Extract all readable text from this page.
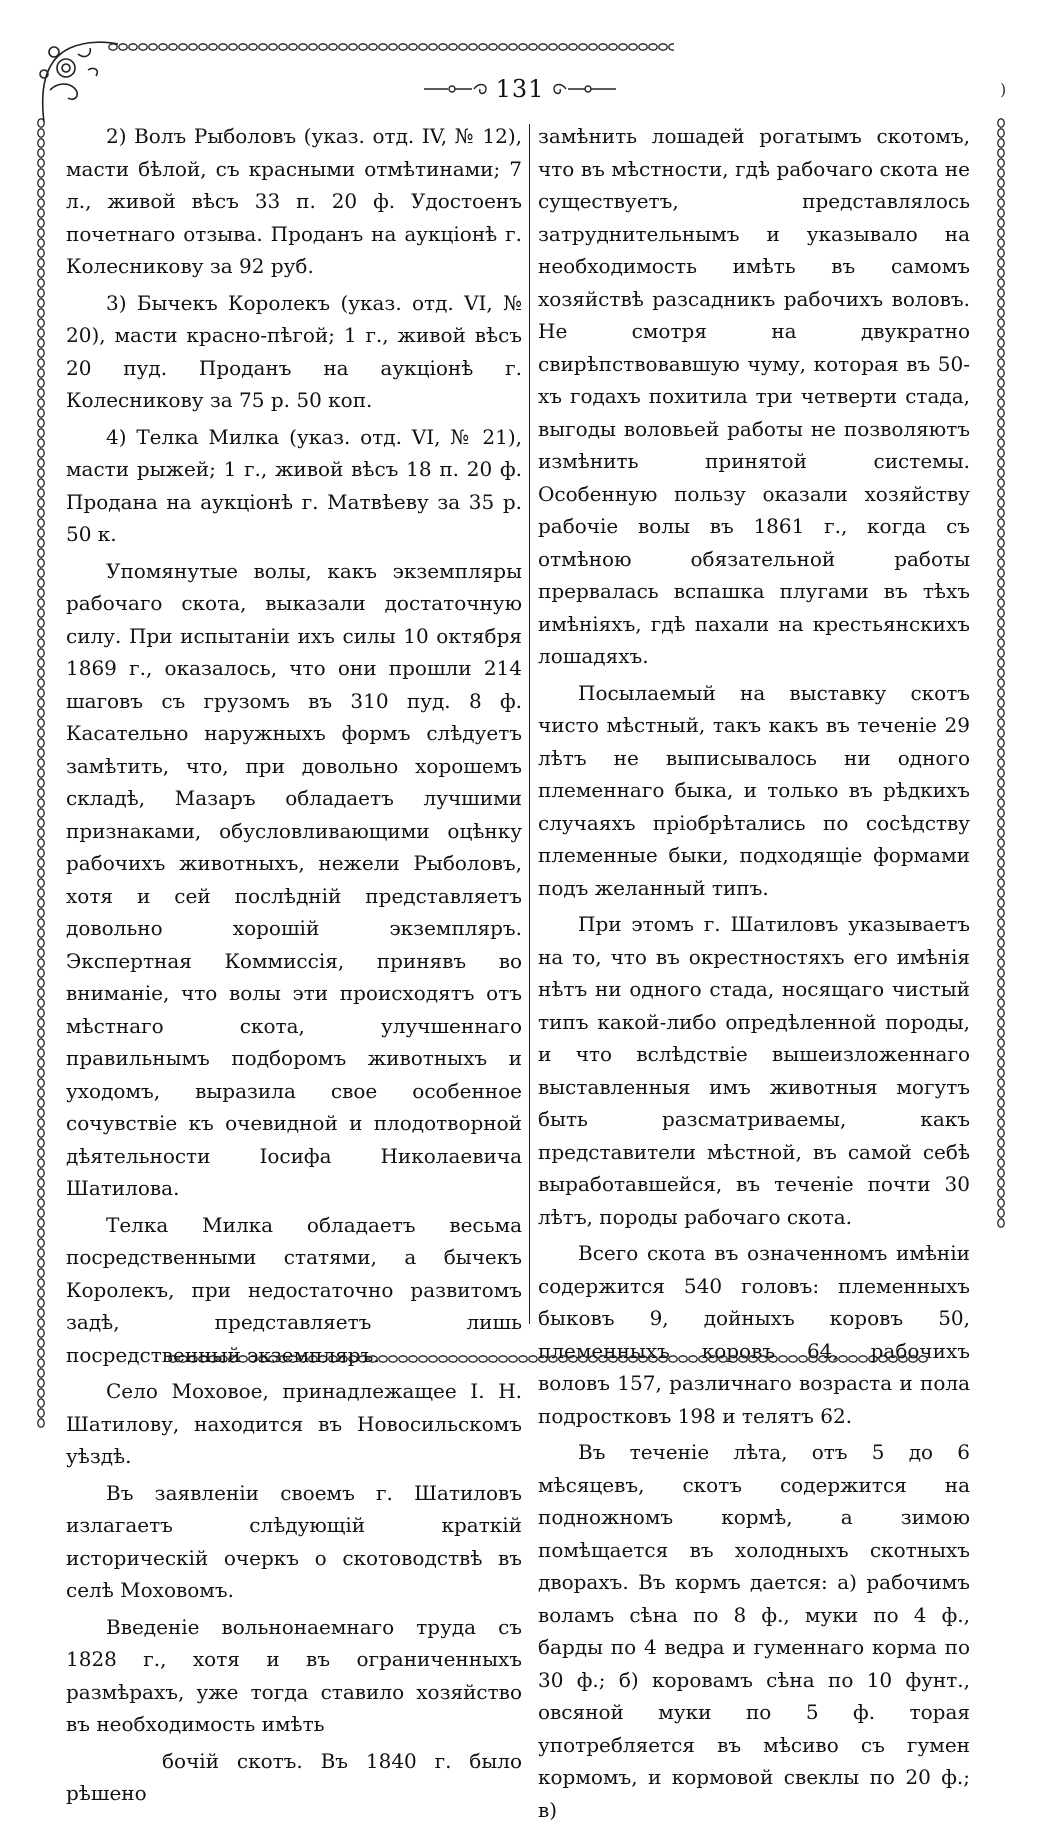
)
131

2) Волъ Рыболовъ (указ. отд. IV, № 12), масти бѣлой, съ красными отмѣтинами; 7 л., живой вѣсъ 33 п. 20 ф. Удостоенъ почетнаго отзыва. Проданъ на аукціонѣ г. Колесникову за 92 руб.

3) Бычекъ Королекъ (указ. отд. VI, № 20), масти красно-пѣгой; 1 г., живой вѣсъ 20 пуд. Проданъ на аукціонѣ г. Колесникову за 75 р. 50 коп.

4) Телка Милка (указ. отд. VI, № 21), масти рыжей; 1 г., живой вѣсъ 18 п. 20 ф. Продана на аукціонѣ г. Матвѣеву за 35 р. 50 к.

Упомянутые волы, какъ экземпляры рабочаго скота, выказали достаточную силу. При испытаніи ихъ силы 10 октября 1869 г., оказалось, что они прошли 214 шаговъ съ грузомъ въ 310 пуд. 8 ф. Касательно наружныхъ формъ слѣдуетъ замѣтить, что, при довольно хорошемъ складѣ, Мазаръ обладаетъ лучшими признаками, обусловливающими оцѣнку рабочихъ животныхъ, нежели Рыболовъ, хотя и сей послѣдній представляетъ довольно хорошій экземпляръ. Экспертная Коммиссія, принявъ во вниманіе, что волы эти происходятъ отъ мѣстнаго скота, улучшеннаго правильнымъ подборомъ животныхъ и уходомъ, выразила свое особенное сочувствіе къ очевидной и плодотворной дѣятельности Іосифа Николаевича Шатилова.

Телка Милка обладаетъ весьма посредственными статями, а бычекъ Королекъ, при недостаточно развитомъ задѣ, представляетъ лишь посредственный экземпляръ.

Село Моховое, принадлежащее І. Н. Шатилову, находится въ Новосильскомъ уѣздѣ.

Въ заявленіи своемъ г. Шатиловъ излагаетъ слѣдующій краткій историческій очеркъ о скотоводствѣ въ селѣ Моховомъ.

Введеніе вольнонаемнаго труда съ 1828 г., хотя и въ ограниченныхъ размѣрахъ, уже тогда ставило хозяйство въ необходимость имѣть

бочій скотъ. Въ 1840 г. было рѣшено

замѣнить лошадей рогатымъ скотомъ, что въ мѣстности, гдѣ рабочаго скота не существуетъ, представлялось затруднительнымъ и указывало на необходимость имѣть въ самомъ хозяйствѣ разсадникъ рабочихъ воловъ. Не смотря на двукратно свирѣпствовавшую чуму, которая въ 50-хъ годахъ похитила три четверти стада, выгоды воловьей работы не позволяютъ измѣнить принятой системы. Особенную пользу оказали хозяйству рабочіе волы въ 1861 г., когда съ отмѣною обязательной работы прервалась вспашка плугами въ тѣхъ имѣніяхъ, гдѣ пахали на крестьянскихъ лошадяхъ.

Посылаемый на выставку скотъ чисто мѣстный, такъ какъ въ теченіе 29 лѣтъ не выписывалось ни одного племеннаго быка, и только въ рѣдкихъ случаяхъ пріобрѣтались по сосѣдству племенные быки, подходящіе формами подъ желанный типъ.

При этомъ г. Шатиловъ указываетъ на то, что въ окрестностяхъ его имѣнія нѣтъ ни одного стада, носящаго чистый типъ какой-либо опредѣленной породы, и что вслѣдствіе вышеизложеннаго выставленныя имъ животныя могутъ быть разсматриваемы, какъ представители мѣстной, въ самой себѣ выработавшейся, въ теченіе почти 30 лѣтъ, породы рабочаго скота.

Всего скота въ означенномъ имѣніи содержится 540 головъ: племенныхъ быковъ 9, дойныхъ коровъ 50, племенныхъ коровъ 64, рабочихъ воловъ 157, различнаго возраста и пола подростковъ 198 и телятъ 62.

Въ теченіе лѣта, отъ 5 до 6 мѣсяцевъ, скотъ содержится на подножномъ кормѣ, а зимою помѣщается въ холодныхъ скотныхъ дворахъ. Въ кормъ дается: а) рабочимъ воламъ сѣна по 8 ф., муки по 4 ф., барды по 4 ведра и гуменнаго корма по 30 ф.; б) коровамъ сѣна по 10 фунт., овсяной муки по 5 ф. торая употребляется въ мѣсиво съ гумен кормомъ, и кормовой свеклы по 20 ф.; в)
